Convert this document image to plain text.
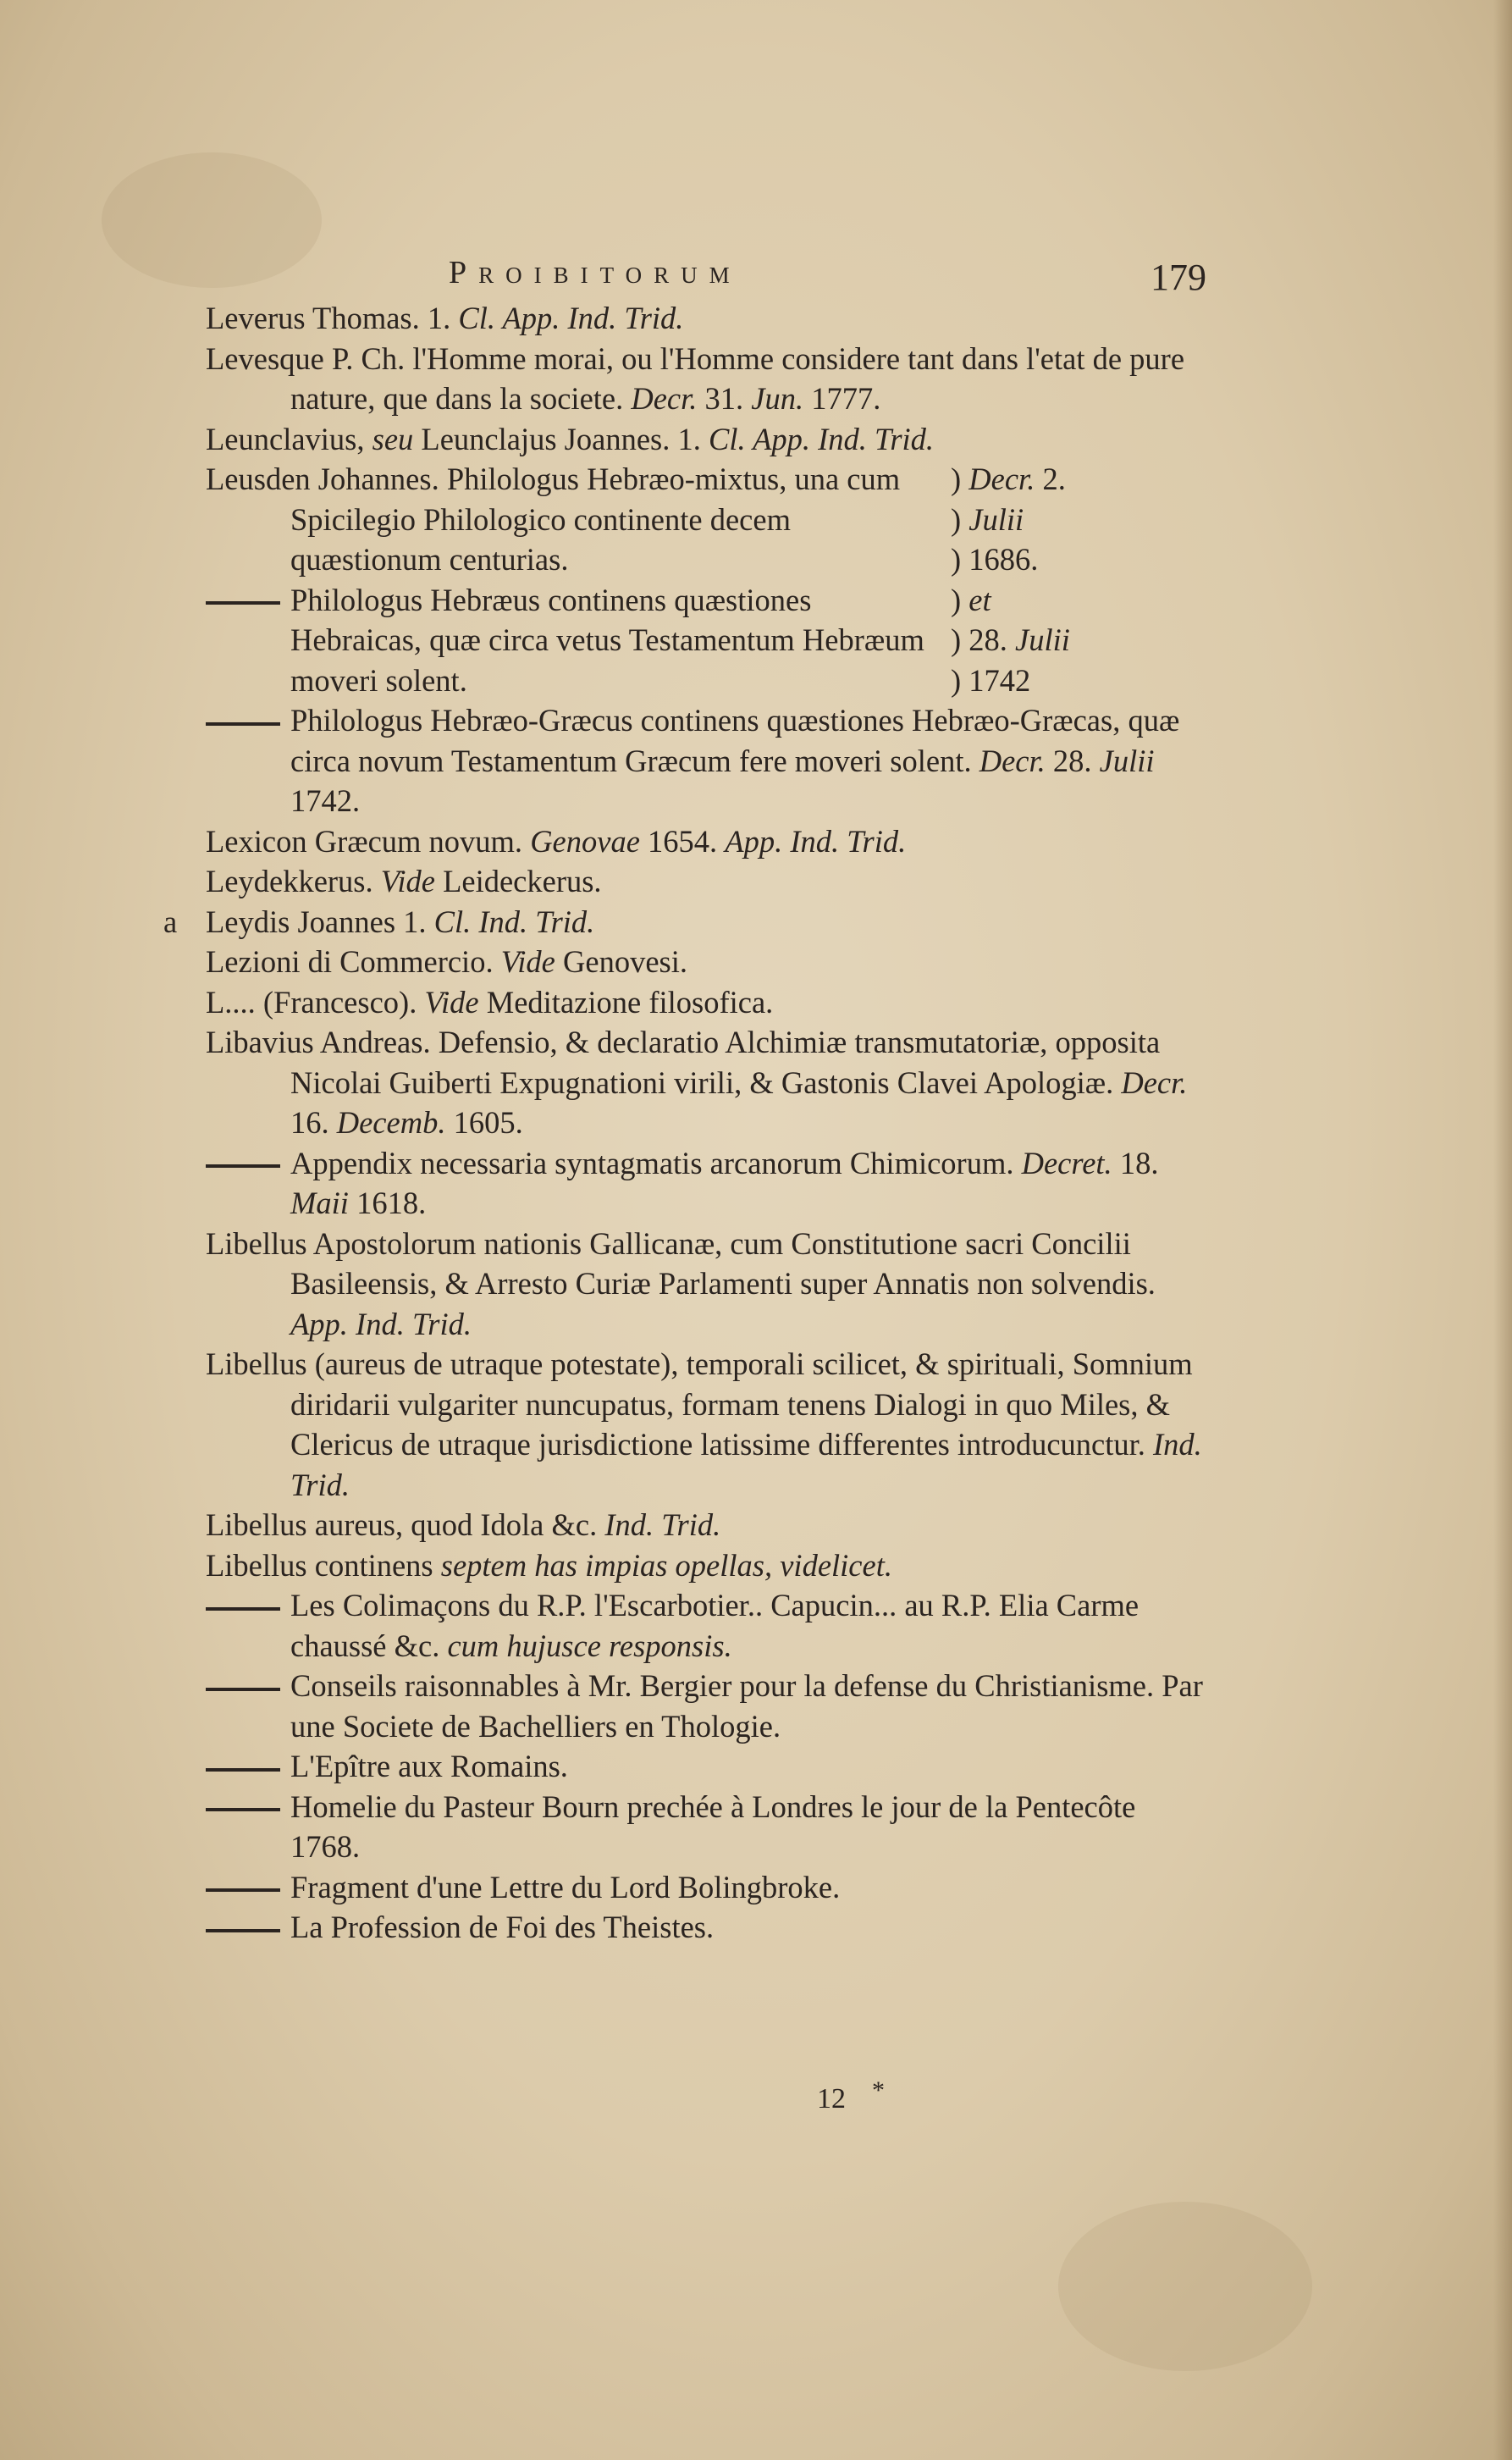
Proibitorum	179
Leverus Thomas. 1. Cl. App. Ind. Trid.
Levesque P. Ch. l'Homme morai, ou l'Homme considere tant dans l'etat de pure nature, que dans la societe. Decr. 31. Jun. 1777.
Leunclavius, seu Leunclajus Joannes. 1. Cl. App. Ind. Trid.
Leusden Johannes. Philologus Hebræo-mixtus, una cum Spicilegio Philologico continente decem quæstionum centurias.
Philologus Hebræus continens quæstiones Hebraicas, quæ circa vetus Testamentum Hebræum moveri solent.
) Decr. 2.
) Julii
) 1686.
) et
) 28. Julii
) 1742
Philologus Hebræo-Græcus continens quæstiones Hebræo-Græcas, quæ circa novum Testamentum Græcum fere moveri solent. Decr. 28. Julii 1742.
Lexicon Græcum novum. Genovae 1654. App. Ind. Trid.
Leydekkerus. Vide Leideckerus.
a Leydis Joannes 1. Cl. Ind. Trid.
Lezioni di Commercio. Vide Genovesi.
L.... (Francesco). Vide Meditazione filosofica.
Libavius Andreas. Defensio, & declaratio Alchimiæ transmutatoriæ, opposita Nicolai Guiberti Expugnationi virili, & Gastonis Clavei Apologiæ. Decr. 16. Decemb. 1605.
Appendix necessaria syntagmatis arcanorum Chimicorum. Decret. 18. Maii 1618.
Libellus Apostolorum nationis Gallicanæ, cum Constitutione sacri Concilii Basileensis, & Arresto Curiæ Parlamenti super Annatis non solvendis. App. Ind. Trid.
Libellus (aureus de utraque potestate), temporali scilicet, & spirituali, Somnium diridarii vulgariter nuncupatus, formam tenens Dialogi in quo Miles, & Clericus de utraque jurisdictione latissime differentes introducunctur. Ind. Trid.
Libellus aureus, quod Idola &c. Ind. Trid.
Libellus continens septem has impias opellas, videlicet.
Les Colimaçons du R.P. l'Escarbotier.. Capucin... au R.P. Elia Carme chaussé &c. cum hujusce responsis.
Conseils raisonnables à Mr. Bergier pour la defense du Christianisme. Par une Societe de Bachelliers en Thologie.
L'Epître aux Romains.
Homelie du Pasteur Bourn prechée à Londres le jour de la Pentecôte 1768.
Fragment d'une Lettre du Lord Bolingbroke.
La Profession de Foi des Theistes.
12 *
